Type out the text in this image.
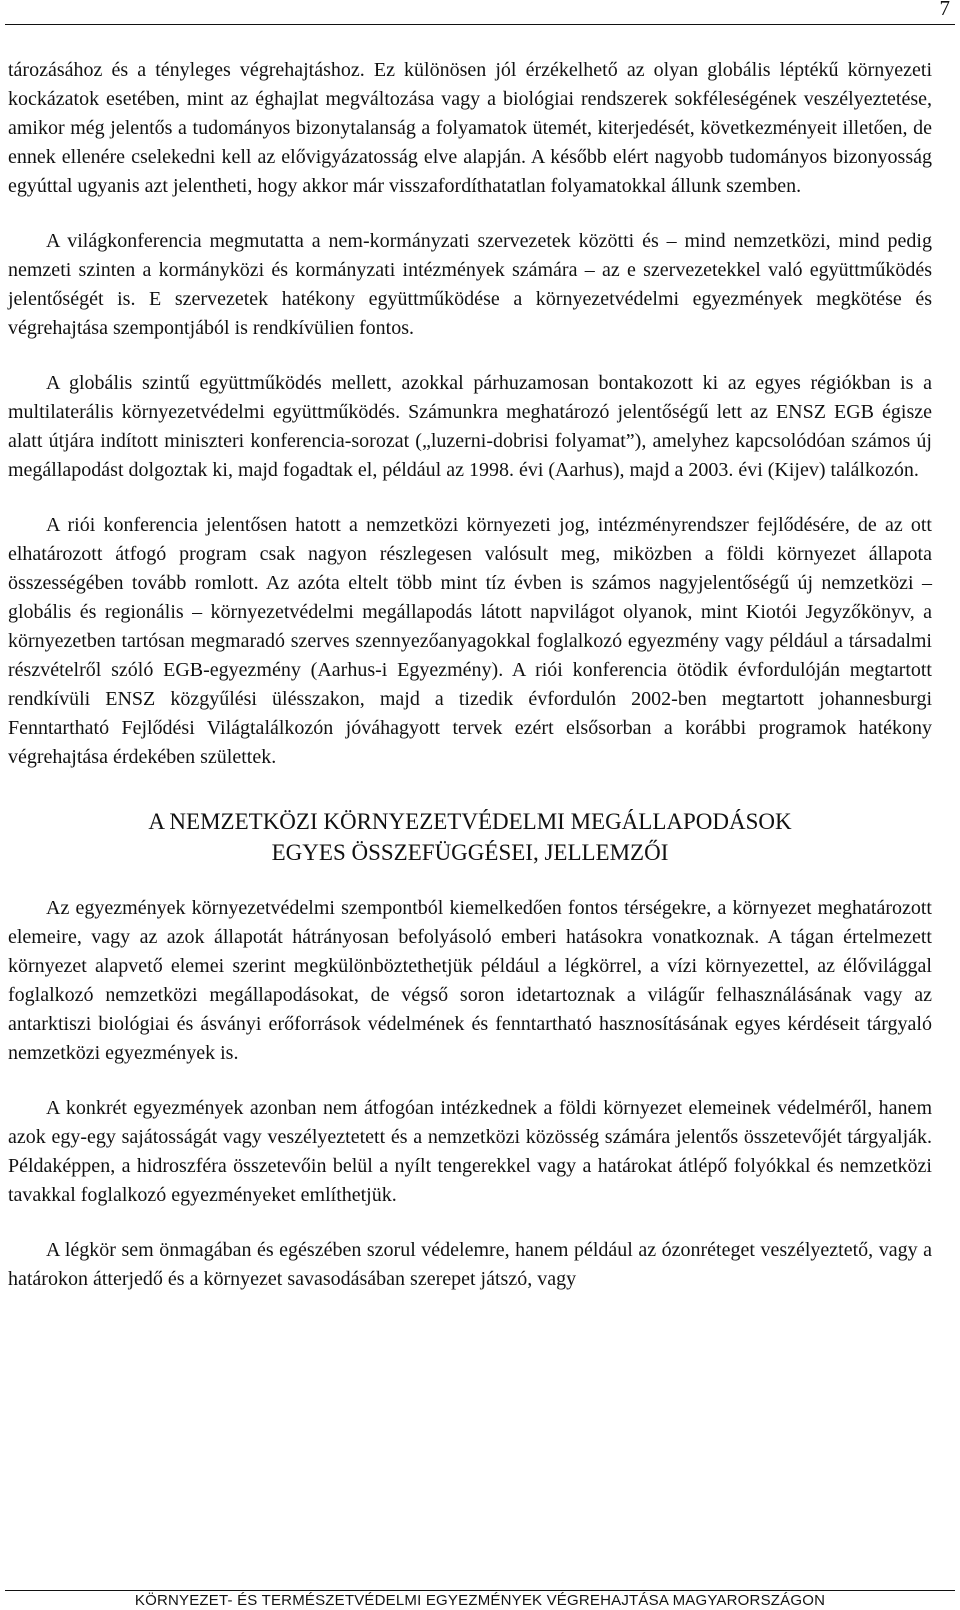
7

tározásához és a tényleges végrehajtáshoz. Ez különösen jól érzékelhető az olyan globális léptékű környezeti kockázatok esetében, mint az éghajlat megváltozása vagy a biológiai rendszerek sokféleségének veszélyeztetése, amikor még jelentős a tudományos bizonytalanság a folyamatok ütemét, kiterjedését, következményeit illetően, de ennek ellenére cselekedni kell az elővigyázatosság elve alapján. A később elért nagyobb tudományos bizonyosság egyúttal ugyanis azt jelentheti, hogy akkor már visszafordíthatatlan folyamatokkal állunk szemben.

A világkonferencia megmutatta a nem-kormányzati szervezetek közötti és – mind nemzetközi, mind pedig nemzeti szinten a kormányközi és kormányzati intézmények számára – az e szervezetekkel való együttműködés jelentőségét is. E szervezetek hatékony együttműködése a környezetvédelmi egyezmények megkötése és végrehajtása szempontjából is rendkívülien fontos.

A globális szintű együttműködés mellett, azokkal párhuzamosan bontakozott ki az egyes régiókban is a multilaterális környezetvédelmi együttműködés. Számunkra meghatározó jelentőségű lett az ENSZ EGB égisze alatt útjára indított miniszteri konferencia-sorozat („luzerni-dobrisi folyamat”), amelyhez kapcsolódóan számos új megállapodást dolgoztak ki, majd fogadtak el, például az 1998. évi (Aarhus), majd a 2003. évi (Kijev) találkozón.

A riói konferencia jelentősen hatott a nemzetközi környezeti jog, intézményrendszer fejlődésére, de az ott elhatározott átfogó program csak nagyon részlegesen valósult meg, miközben a földi környezet állapota összességében tovább romlott. Az azóta eltelt több mint tíz évben is számos nagyjelentőségű új nemzetközi – globális és regionális – környezetvédelmi megállapodás látott napvilágot olyanok, mint Kiotói Jegyzőkönyv, a környezetben tartósan megmaradó szerves szennyezőanyagokkal foglalkozó egyezmény vagy például a társadalmi részvételről szóló EGB-egyezmény (Aarhus-i Egyezmény). A riói konferencia ötödik évfordulóján megtartott rendkívüli ENSZ közgyűlési ülésszakon, majd a tizedik évfordulón 2002-ben megtartott johannesburgi Fenntartható Fejlődési Világtalálkozón jóváhagyott tervek ezért elsősorban a korábbi programok hatékony végrehajtása érdekében születtek.

A NEMZETKÖZI KÖRNYEZETVÉDELMI MEGÁLLAPODÁSOK
EGYES ÖSSZEFÜGGÉSEI, JELLEMZŐI

Az egyezmények környezetvédelmi szempontból kiemelkedően fontos térségekre, a környezet meghatározott elemeire, vagy az azok állapotát hátrányosan befolyásoló emberi hatásokra vonatkoznak. A tágan értelmezett környezet alapvető elemei szerint megkülönböztethetjük például a légkörrel, a vízi környezettel, az élővilággal foglalkozó nemzetközi megállapodásokat, de végső soron idetartoznak a világűr felhasználásának vagy az antarktiszi biológiai és ásványi erőforrások védelmének és fenntartható hasznosításának egyes kérdéseit tárgyaló nemzetközi egyezmények is.

A konkrét egyezmények azonban nem átfogóan intézkednek a földi környezet elemeinek védelméről, hanem azok egy-egy sajátosságát vagy veszélyeztetett és a nemzetközi közösség számára jelentős összetevőjét tárgyalják. Példaképpen, a hidroszféra összetevőin belül a nyílt tengerekkel vagy a határokat átlépő folyókkal és nemzetközi tavakkal foglalkozó egyezményeket említhetjük.

A légkör sem önmagában és egészében szorul védelemre, hanem például az ózonréteget veszélyeztető, vagy a határokon átterjedő és a környezet savasodásában szerepet játszó, vagy

KÖRNYEZET- ÉS TERMÉSZETVÉDELMI EGYEZMÉNYEK VÉGREHAJTÁSA MAGYARORSZÁGON
